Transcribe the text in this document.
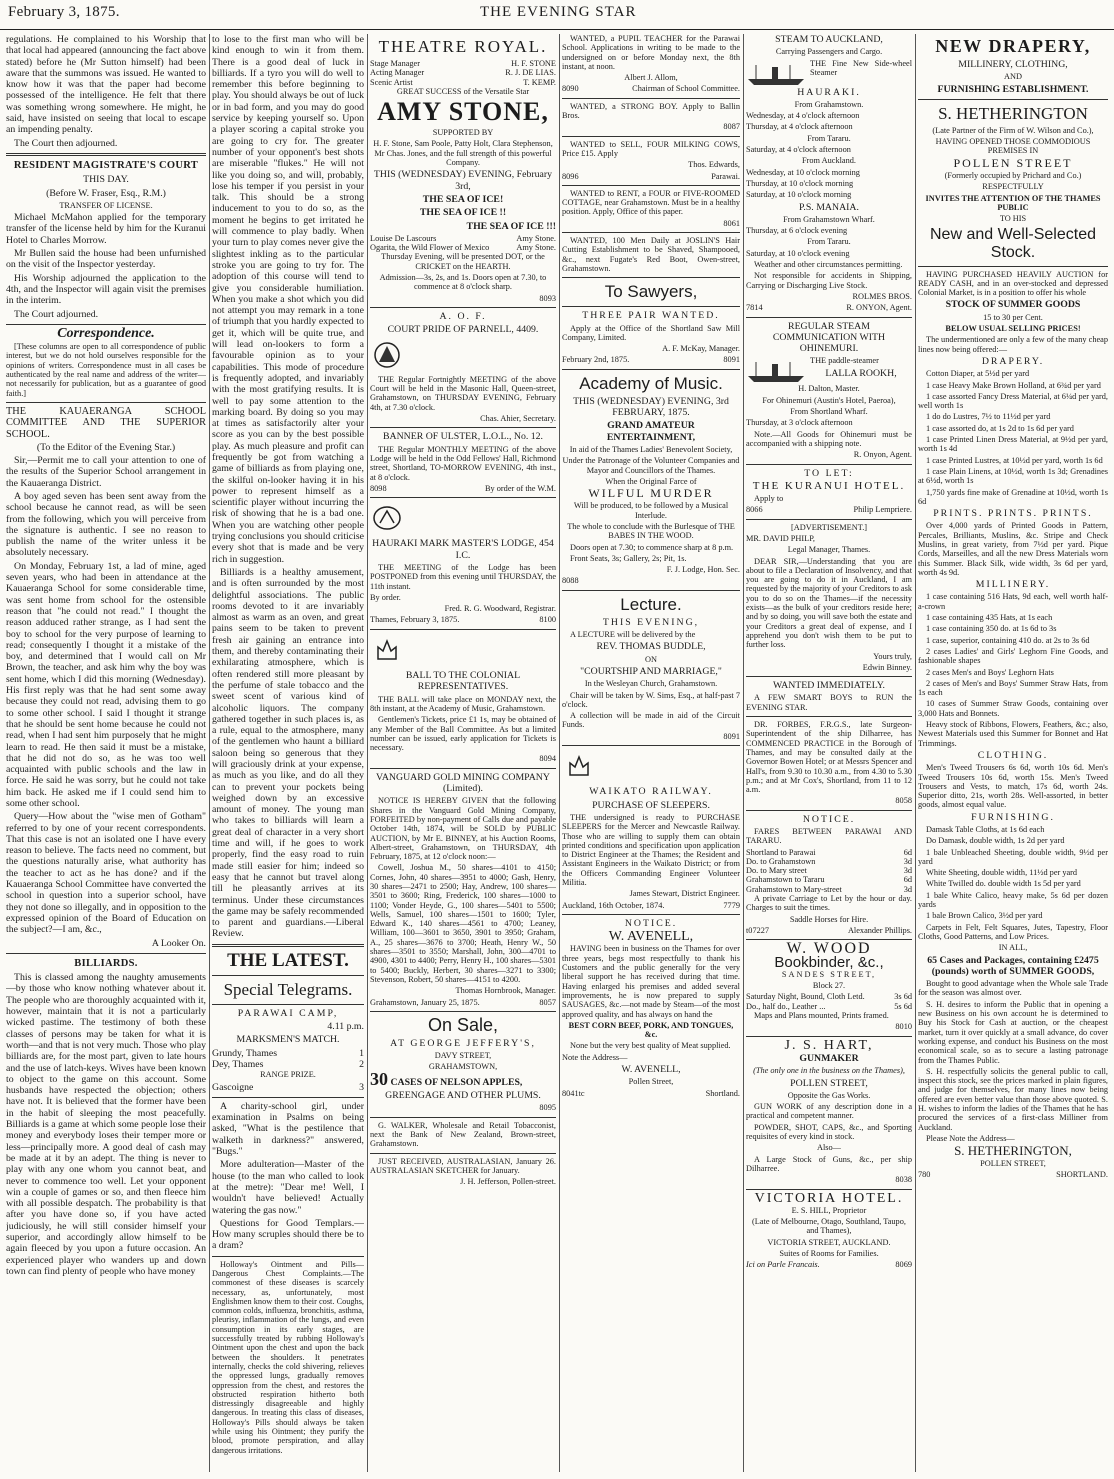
February 3, 1875.	THE EVENING STAR

regulations. He complained to his Worship that that local had appeared (announcing the fact above stated) before he (Mr Sutton himself) had been aware that the summons was issued. He wanted to know how it was that the paper had become possessed of the intelligence. He felt that there was something wrong somewhere. He might, he said, have insisted on seeing that local to escape an impending penalty.

The Court then adjourned.

RESIDENT MAGISTRATE'S COURT

THIS DAY.

(Before W. Fraser, Esq., R.M.)

TRANSFER OF LICENSE.

Michael McMahon applied for the temporary transfer of the license held by him for the Kuranui Hotel to Charles Morrow.

Mr Bullen said the house had been unfurnished on the visit of the Inspector yesterday.

His Worship adjourned the application to the 4th, and the Inspector will again visit the premises in the interim.

The Court adjourned.

Correspondence.

[These columns are open to all correspondence of public interest, but we do not hold ourselves responsible for the opinions of writers. Correspondence must in all cases be authenticated by the real name and address of the writer—not necessarily for publication, but as a guarantee of good faith.]

THE KAUAERANGA SCHOOL COMMITTEE AND THE SUPERIOR SCHOOL.

(To the Editor of the Evening Star.)

Sir,—Permit me to call your attention to one of the results of the Superior School arrangement in the Kauaeranga District.

A boy aged seven has been sent away from the school because he cannot read, as will be seen from the following, which you will perceive from the signature is authentic. I see no reason to publish the name of the writer unless it be absolutely necessary.

On Monday, February 1st, a lad of mine, aged seven years, who had been in attendance at the Kauaeranga School for some considerable time, was sent home from school for the ostensible reason that "he could not read." I thought the reason adduced rather strange, as I had sent the boy to school for the very purpose of learning to read; consequently I thought it a mistake of the boy, and determined that I would call on Mr Brown, the teacher, and ask him why the boy was sent home, which I did this morning (Wednesday). His first reply was that he had sent some away because they could not read, advising them to go to some other school. I said I thought it strange that he should be sent home because he could not read, when I had sent him purposely that he might learn to read. He then said it must be a mistake, that he did not do so, as he was too well acquainted with public schools and the law in force. He said he was sorry, but he could not take him back. He asked me if I could send him to some other school.

Query—How about the "wise men of Gotham" referred to by one of your recent correspondents. That this case is not an isolated one I have every reason to believe. The facts need no comment, but the questions naturally arise, what authority has the teacher to act as he has done? and if the Kauaeranga School Committee have converted the school in question into a superior school, have they not done so illegally, and in opposition to the expressed opinion of the Board of Education on the subject?—I am, &c.,

A Looker On.

BILLIARDS.

This is classed among the naughty amusements—by those who know nothing whatever about it. The people who are thoroughly acquainted with it, however, maintain that it is not a particularly wicked pastime. The testimony of both these classes of persons may be taken for what it is worth—and that is not very much. Those who play billiards are, for the most part, given to late hours and the use of latch-keys. Wives have been known to object to the game on this account. Some husbands have respected the objection; others have not. It is believed that the former have been in the habit of sleeping the most peacefully. Billiards is a game at which some people lose their money and everybody loses their temper more or less—principally more. A good deal of cash may be made at it by an adept. The thing is never to play with any one whom you cannot beat, and never to commence too well. Let your opponent win a couple of games or so, and then fleece him with all possible despatch. The probability is that after you have done so, if you have acted judiciously, he will still consider himself your superior, and accordingly allow himself to be again fleeced by you upon a future occasion. An experienced player who wanders up and down town can find plenty of people who have money

to lose to the first man who will be kind enough to win it from them. There is a good deal of luck in billiards. If a tyro you will do well to remember this before beginning to play. You should always be out of luck or in bad form, and you may do good service by keeping yourself so. Upon a player scoring a capital stroke you are going to cry for. The greater number of your opponent's best shots are miserable "flukes." He will not like you doing so, and will, probably, lose his temper if you persist in your talk. This should be a strong inducement to you to do so, as the moment he begins to get irritated he will commence to play badly. When your turn to play comes never give the slightest inkling as to the particular stroke you are going to try for. The adoption of this course will tend to give you considerable humiliation. When you make a shot which you did not attempt you may remark in a tone of triumph that you hardly expected to get it, which will be quite true, and will lead on-lookers to form a favourable opinion as to your capabilities. This mode of procedure is frequently adopted, and invariably with the most gratifying results. It is well to pay some attention to the marking board. By doing so you may at times as satisfactorily alter your score as you can by the best possible play. As much pleasure and profit can frequently be got from watching a game of billiards as from playing one, the skilful on-looker having it in his power to represent himself as a scientific player without incurring the risk of showing that he is a bad one. When you are watching other people trying conclusions you should criticise every shot that is made and be very rich in suggestion.

Billiards is a healthy amusement, and is often surrounded by the most delightful associations. The public rooms devoted to it are invariably almost as warm as an oven, and great pains seem to be taken to prevent fresh air gaining an entrance into them, and thereby contaminating their exhilarating atmosphere, which is often rendered still more pleasant by the perfume of stale tobacco and the sweet scent of various kind of alcoholic liquors. The company gathered together in such places is, as a rule, equal to the atmosphere, many of the gentlemen who haunt a billiard saloon being so generous that they will graciously drink at your expense, as much as you like, and do all they can to prevent your pockets being weighed down by an excessive amount of money. The young man who takes to billiards will learn a great deal of character in a very short time and will, if he goes to work properly, find the easy road to ruin made still easier for him; indeed so easy that he cannot but travel along till he pleasantly arrives at its terminus. Under these circumstances the game may be safely recommended to parent and guardians.—Liberal Review.

THE LATEST.
Special Telegrams.

PARAWAI CAMP,

4.11 p.m.

MARKSMEN'S MATCH.

Grundy, Thames	1
Dey, Thames	2

RANGE PRIZE.

Gascoigne	3

A charity-school girl, under examination in Psalms on being asked, "What is the pestilence that walketh in darkness?" answered, "Bugs."

More adulteration—Master of the house (to the man who called to look at the metre): "Dear me! Well, I wouldn't have believed! Actually watering the gas now."

Questions for Good Templars.—How many scruples should there be to a dram?

Holloway's Ointment and Pills—Dangerous Chest Complaints.—The commonest of these diseases is scarcely necessary, as, unfortunately, most Englishmen know them to their cost. Coughs, common colds, influenza, bronchitis, asthma, pleurisy, inflammation of the lungs, and even consumption in its early stages, are successfully treated by rubbing Holloway's Ointment upon the chest and upon the back between the shoulders. It penetrates internally, checks the cold shivering, relieves the oppressed lungs, gradually removes oppression from the chest, and restores the obstructed respiration hitherto both distressingly disagreeable and highly dangerous. In treating this class of diseases, Holloway's Pills should always be taken while using his Ointment; they purify the blood, promote perspiration, and allay dangerous irritations.

THEATRE ROYAL.
Stage Manager	H. F. STONE
Acting Manager	R. J. DE LIAS.
Scenic Artist	T. KEMP.

GREAT SUCCESS of the Versatile Star

AMY STONE,

SUPPORTED BY

H. F. Stone, Sam Poole, Patty Holt, Clara Stephenson, Mr Chas. Jones, and the full strength of this powerful Company.

THIS (WEDNESDAY) EVENING, February 3rd,

THE SEA OF ICE!

THE SEA OF ICE !!

THE SEA OF ICE !!!

Louise De Lascours	Amy Stone.
Ogarita, the Wild Flower of Mexico	Amy Stone.

Thursday Evening, will be presented DOT, or the CRICKET on the HEARTH.

Admission—3s, 2s, and 1s. Doors open at 7.30, to commence at 8 o'clock sharp.

8093

A. O. F.

COURT PRIDE OF PARNELL, 4409.

THE Regular Fortnightly MEETING of the above Court will be held in the Masonic Hall, Queen-street, Grahamstown, on THURSDAY EVENING, February 4th, at 7.30 o'clock.

Chas. Ahier, Secretary.

BANNER OF ULSTER, L.O.L., No. 12.

THE Regular MONTHLY MEETING of the above Lodge will be held in the Odd Fellows' Hall, Richmond street, Shortland, TO-MORROW EVENING, 4th inst., at 8 o'clock.

8098	By order of the W.M.

HAURAKI MARK MASTER'S LODGE, 454 I.C.

THE MEETING of the Lodge has been POSTPONED from this evening until THURSDAY, the 11th instant.

By order.

Fred. R. G. Woodward, Registrar.

Thames, February 3, 1875.	8100

BALL TO THE COLONIAL REPRESENTATIVES.

THE BALL will take place on MONDAY next, the 8th instant, at the Academy of Music, Grahamstown.

Gentlemen's Tickets, price £1 1s, may be obtained of any Member of the Ball Committee. As but a limited number can be issued, early application for Tickets is necessary.

8094

VANGUARD GOLD MINING COMPANY (Limited).

NOTICE IS HEREBY GIVEN that the following Shares in the Vanguard Gold Mining Company, FORFEITED by non-payment of Calls due and payable October 14th, 1874, will be SOLD by PUBLIC AUCTION, by Mr E. BINNEY, at his Auction Rooms, Albert-street, Grahamstown, on THURSDAY, 4th February, 1875, at 12 o'clock noon:—

Cowell, Joshua M., 50 shares—4101 to 4150; Cornes, John, 40 shares—3951 to 4000; Gash, Henry, 30 shares—2471 to 2500; Hay, Andrew, 100 shares—3501 to 3600; Ring, Frederick, 100 shares—1000 to 1100; Vonder Heyde, G., 100 shares—5401 to 5500; Wells, Samuel, 100 shares—1501 to 1600; Tyler, Edward K., 140 shares—4561 to 4700; Leaney, William, 100—3601 to 3650, 3901 to 3950; Graham, A., 25 shares—3676 to 3700; Heath, Henry W., 50 shares—3501 to 3550; Marshall, John, 300—4701 to 4900, 4301 to 4400; Perry, Henry H., 100 shares—5301 to 5400; Buckly, Herbert, 30 shares—3271 to 3300; Stevenson, Robert, 50 shares—4151 to 4200.

Thomas Hornbrook, Manager.

Grahamstown, January 25, 1875.	8057
On Sale,

AT GEORGE JEFFERY'S,

DAVY STREET,

GRAHAMSTOWN,

30 CASES OF NELSON APPLES,

GREENGAGE AND OTHER PLUMS.

8095

G. WALKER, Wholesale and Retail Tobacconist, next the Bank of New Zealand, Brown-street, Grahamstown.

JUST RECEIVED, AUSTRALASIAN, January 26. AUSTRALASIAN SKETCHER for January.

J. H. Jefferson, Pollen-street.

WANTED, a PUPIL TEACHER for the Parawai School. Applications in writing to be made to the undersigned on or before Monday next, the 8th instant, at noon.

Albert J. Allom,

8090	Chairman of School Committee.

WANTED, a STRONG BOY. Apply to Ballin Bros.

8087

WANTED to SELL, FOUR MILKING COWS, Price £15. Apply

Thos. Edwards,

8096	Parawai.

WANTED to RENT, a FOUR or FIVE-ROOMED COTTAGE, near Grahamstown. Must be in a healthy position. Apply, Office of this paper.

8061

WANTED, 100 Men Daily at JOSLIN'S Hair Cutting Establishment to be Shaved, Shampooed, &c., next Fugate's Red Boot, Owen-street, Grahamstown.

To Sawyers,

THREE PAIR WANTED.

Apply at the Office of the Shortland Saw Mill Company, Limited.

A. F. McKay, Manager.

February 2nd, 1875.	8091
Academy of Music.

THIS (WEDNESDAY) EVENING, 3rd FEBRUARY, 1875.

GRAND AMATEUR ENTERTAINMENT,

In aid of the Thames Ladies' Benevolent Society,

Under the Patronage of the Volunteer Companies and Mayor and Councillors of the Thames.

When the Original Farce of

WILFUL MURDER

Will be produced, to be followed by a Musical Interlude.

The whole to conclude with the Burlesque of THE BABES IN THE WOOD.

Doors open at 7.30; to commence sharp at 8 p.m.

Front Seats, 3s; Gallery, 2s; Pit, 1s.

F. J. Lodge, Hon. Sec.

8088

Lecture.

THIS EVENING,

A LECTURE will be delivered by the

REV. THOMAS BUDDLE,

ON

"COURTSHIP AND MARRIAGE,"

In the Wesleyan Church, Grahamstown.

Chair will be taken by W. Sims, Esq., at half-past 7 o'clock.

A collection will be made in aid of the Circuit Funds.

8091

WAIKATO RAILWAY.

PURCHASE OF SLEEPERS.

THE undersigned is ready to PURCHASE SLEEPERS for the Mercer and Newcastle Railway. Those who are willing to supply them can obtain printed conditions and specification upon application to District Engineer at the Thames; the Resident and Assistant Engineers in the Waikato District; or from the Officers Commanding Engineer Volunteer Militia.

James Stewart, District Engineer.

Auckland, 16th October, 1874.	7779

NOTICE.

W. AVENELL,

HAVING been in business on the Thames for over three years, begs most respectfully to thank his Customers and the public generally for the very liberal support he has received during that time. Having enlarged his premises and added several improvements, he is now prepared to supply SAUSAGES, &c.—not made by Steam—of the most approved quality, and has always on hand the

BEST CORN BEEF, PORK, AND TONGUES, &c.

None but the very best quality of Meat supplied.

Note the Address—

W. AVENELL,

Pollen Street,

8041tc	Shortland.

STEAM TO AUCKLAND,

Carrying Passengers and Cargo.

THE Fine New Side-wheel Steamer

HAURAKI.

From Grahamstown.

Wednesday, at 4 o'clock afternoon

Thursday, at 4 o'clock afternoon

From Tararu.

Saturday, at 4 o'clock afternoon

From Auckland.

Wednesday, at 10 o'clock morning

Thursday, at 10 o'clock morning

Saturday, at 10 o'clock morning

P.S. MANAIA.

From Grahamstown Wharf.

Thursday, at 6 o'clock evening

From Tararu.

Saturday, at 10 o'clock evening

Weather and other circumstances permitting.

Not responsible for accidents in Shipping, Carrying or Discharging Live Stock.

ROLMES BROS.

7814	R. ONYON, Agent.

REGULAR STEAM COMMUNICATION WITH OHINEMURI.

THE paddle-steamer

LALLA ROOKH,

H. Dalton, Master.

For Ohinemuri (Austin's Hotel, Paeroa),

From Shortland Wharf.

Thursday, at 3 o'clock afternoon

Note.—All Goods for Ohinemuri must be accompanied with a shipping note.

R. Onyon, Agent.

TO LET:

THE KURANUI HOTEL.

Apply to

8066	Philip Lempriere.

[ADVERTISEMENT.]

MR. DAVID PHILP,

Legal Manager, Thames.

DEAR SIR,—Understanding that you are about to file a Declaration of Insolvency, and that you are going to do it in Auckland, I am requested by the majority of your Creditors to ask you to do so on the Thames—if the necessity exists—as the bulk of your creditors reside here; and by so doing, you will save both the estate and your Creditors a great deal of expense, and I apprehend you don't wish them to be put to further loss.

Yours truly,

Edwin Binney.

WANTED IMMEDIATELY.

A FEW SMART BOYS to RUN the EVENING STAR.

DR. FORBES, F.R.G.S., late Surgeon-Superintendent of the ship Dilharree, has COMMENCED PRACTICE in the Borough of Thames, and may be consulted daily at the Governor Bowen Hotel; or at Messrs Spencer and Hall's, from 9.30 to 10.30 a.m., from 4.30 to 5.30 p.m.; and at Mr Cox's, Shortland, from 11 to 12 a.m.

8058

NOTICE.

FARES BETWEEN PARAWAI AND TARARU.

Shortland to Parawai	6d
Do. to Grahamstown	3d
Do. to Mary street	3d
Grahamstown to Tararu	6d
Grahamstown to Mary-street	3d

A private Carriage to Let by the hour or day. Charges to suit the times.

Saddle Horses for Hire.

t07227	Alexander Phillips.

W. WOOD

Bookbinder, &c.,

SANDES STREET,

Block 27.

Saturday Night, Bound, Cloth Letd.	3s 6d
Do., half do., Leather ...	5s 6d

Maps and Plans mounted, Prints framed.

8010

J. S. HART,

GUNMAKER

(The only one in the business on the Thames),

POLLEN STREET,

Opposite the Gas Works.

GUN WORK of any description done in a practical and competent manner.

POWDER, SHOT, CAPS, &c., and Sporting requisites of every kind in stock.

Also—

A Large Stock of Guns, &c., per ship Dilharree.

8038

VICTORIA HOTEL.

E. S. HILL, Proprietor

(Late of Melbourne, Otago, Southland, Taupo, and Thames),

VICTORIA STREET, AUCKLAND.

Suites of Rooms for Families.

Ici on Parle Francais.	8069
NEW DRAPERY,

MILLINERY, CLOTHING,

AND

FURNISHING ESTABLISHMENT.

S. HETHERINGTON

(Late Partner of the Firm of W. Wilson and Co.),

HAVING OPENED THOSE COMMODIOUS PREMISES IN

POLLEN STREET

(Formerly occupied by Prichard and Co.)

RESPECTFULLY

INVITES THE ATTENTION OF THE THAMES PUBLIC

TO HIS

New and Well-Selected Stock.

HAVING PURCHASED HEAVILY AUCTION for READY CASH, and in an over-stocked and depressed Colonial Market, is in a position to offer his whole

STOCK OF SUMMER GOODS

15 to 30 per Cent.

BELOW USUAL SELLING PRICES!

The undermentioned are only a few of the many cheap lines now being offered:—

DRAPERY.

Cotton Diaper, at 5½d per yard

1 case Heavy Make Brown Holland, at 6¾d per yard

1 case assorted Fancy Dress Material, at 6¼d per yard, well worth 1s

1 do do Lustres, 7½ to 11½d per yard

1 case assorted do, at 1s 2d to 1s 6d per yard

1 case Printed Linen Dress Material, at 9½d per yard, worth 1s 4d

1 case Printed Lustres, at 10½d per yard, worth 1s 6d

1 case Plain Linens, at 10½d, worth 1s 3d; Grenadines at 6½d, worth 1s

1,750 yards fine make of Grenadine at 10½d, worth 1s 6d

PRINTS. PRINTS. PRINTS.

Over 4,000 yards of Printed Goods in Pattern, Percales, Brilliants, Muslins, &c. Stripe and Check Muslins, in great variety, from 7½d per yard. Pique Cords, Marseilles, and all the new Dress Materials worn this Summer. Black Silk, wide width, 3s 6d per yard, worth 4s 9d.

MILLINERY.

1 case containing 516 Hats, 9d each, well worth half-a-crown

1 case containing 435 Hats, at 1s each

1 case containing 350 do. at 1s 6d to 3s

1 case, superior, containing 410 do. at 2s to 3s 6d

2 cases Ladies' and Girls' Leghorn Fine Goods, and fashionable shapes

2 cases Men's and Boys' Leghorn Hats

2 cases of Men's and Boys' Summer Straw Hats, from 1s each

10 cases of Summer Straw Goods, containing over 3,000 Hats and Bonnets.

Heavy stock of Ribbons, Flowers, Feathers, &c.; also, Newest Materials used this Summer for Bonnet and Hat Trimmings.

CLOTHING.

Men's Tweed Trousers 6s 6d, worth 10s 6d. Men's Tweed Trousers 10s 6d, worth 15s. Men's Tweed Trousers and Vests, to match, 17s 6d, worth 24s. Superior ditto, 21s, worth 28s. Well-assorted, in better goods, almost equal value.

FURNISHING.

Damask Table Cloths, at 1s 6d each

Do Damask, double width, 1s 2d per yard

1 bale Unbleached Sheeting, double width, 9½d per yard

White Sheeting, double width, 11½d per yard

White Twilled do. double width 1s 5d per yard

1 bale White Calico, heavy make, 5s 6d per dozen yards

1 bale Brown Calico, 3½d per yard

Carpets in Felt, Felt Squares, Jutes, Tapestry, Floor Cloths, Good Patterns, and Low Prices.

IN ALL,

65 Cases and Packages, containing £2475 (pounds) worth of SUMMER GOODS,

Bought to good advantage when the Whole sale Trade for the season was almost over.

S. H. desires to inform the Public that in opening a new Business on his own account he is determined to Buy his Stock for Cash at auction, or the cheapest market, turn it over quickly at a small advance, do cover working expense, and conduct his Business on the most economical scale, so as to secure a lasting patronage from the Thames Public.

S. H. respectfully solicits the general public to call, inspect this stock, see the prices marked in plain figures, and judge for themselves, for many lines now being offered are even better value than those above quoted. S. H. wishes to inform the ladies of the Thames that he has procured the services of a first-class Milliner from Auckland.

Please Note the Address—

S. HETHERINGTON,

POLLEN STREET,

780	SHORTLAND.
